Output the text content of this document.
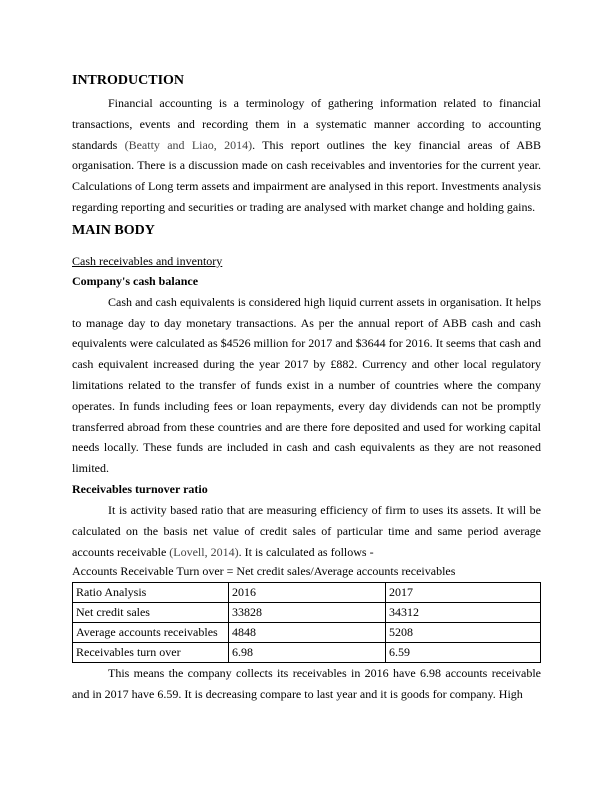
INTRODUCTION

Financial accounting is a terminology of gathering information related to financial transactions, events and recording them in a systematic manner according to accounting standards (Beatty and Liao, 2014). This report outlines the key financial areas of ABB organisation. There is a discussion made on cash receivables and inventories for the current year. Calculations of Long term assets and impairment are analysed in this report. Investments analysis regarding reporting and securities or trading are analysed with market change and holding gains.

MAIN BODY
Cash receivables and inventory
Company's cash balance

Cash and cash equivalents is considered high liquid current assets in organisation. It helps to manage day to day monetary transactions. As per the annual report of ABB cash and cash equivalents were calculated as $4526 million for 2017 and $3644 for 2016. It seems that cash and cash equivalent increased during the year 2017 by £882. Currency and other local regulatory limitations related to the transfer of funds exist in a number of countries where the company operates. In funds including fees or loan repayments, every day dividends can not be promptly transferred abroad from these countries and are there fore deposited and used for working capital needs locally. These funds are included in cash and cash equivalents as they are not reasoned limited.

Receivables turnover ratio

It is activity based ratio that are measuring efficiency of firm to uses its assets. It will be calculated on the basis net value of credit sales of particular time and same period average accounts receivable (Lovell, 2014). It is calculated as follows -

Accounts Receivable Turn over = Net credit sales/Average accounts receivables
Ratio Analysis	2016	2017
Net credit sales	33828	34312
Average accounts receivables	4848	5208
Receivables turn over	6.98	6.59

This means the company collects its receivables in 2016 have 6.98 accounts receivable and in 2017 have 6.59. It is decreasing compare to last year and it is goods for company. High
